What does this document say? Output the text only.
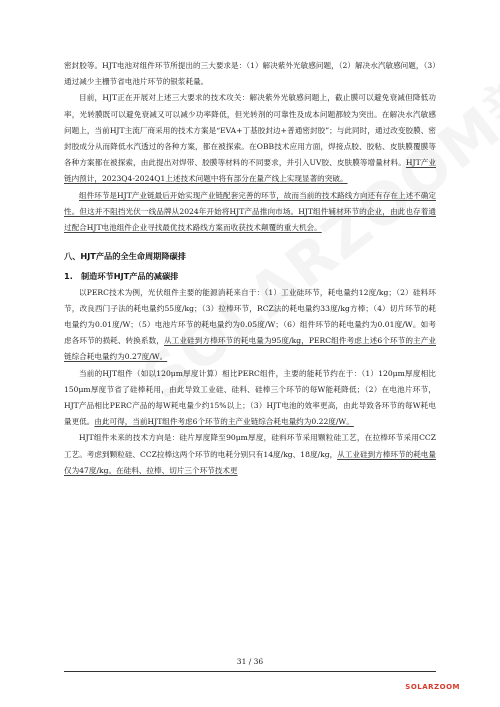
密封胶等。HJT电池对组件环节所提出的三大要求是：（1）解决紫外光敏感问题，（2）解决水汽敏感问题，（3）通过减少主栅节省电池片环节的银浆耗量。

目前，HJT正在开展对上述三大要求的技术攻关：解决紫外光敏感问题上，截止膜可以避免衰减但降低功率，光转膜既可以避免衰减又可以减少功率降低，但光转剂的可靠性及成本问题都较为突出。在解决水汽敏感问题上，当前HJT主流厂商采用的技术方案是“EVA+丁基胶封边+普通密封胶”；与此同时，通过改变胶膜、密封胶成分从而降低水汽透过的各种方案，都在被探索。在OBB技术应用方面，焊接点胶、胶粘、皮肤膜覆膜等各种方案都在被探索，由此提出对焊带、胶膜等材料的不同要求，并引入UV胶、皮肤膜等增量材料。HJT产业链内预计，2023Q4-2024Q1上述技术问题中将有部分在量产线上实现显著的突破。

组件环节是HJT产业链最后开始实现产业链配套完善的环节，故而当前的技术路线方向还有存在上述不确定性。但这并不阻挡光伏一线品牌从2024年开始将HJT产品推向市场。HJT组件辅材环节的企业，由此也存着通过配合HJT电池组件企业寻找最优技术路线方案而收获技术颠覆的重大机会。

八、HJT产品的全生命周期降碳排

1.　制造环节HJT产品的减碳排

以PERC技术为例，光伏组件主要的能源消耗来自于：（1）工业硅环节，耗电量约12度/kg；（2）硅料环节，改良西门子法的耗电量约55度/kg；（3）拉棒环节，RCZ法的耗电量约33度/kg方棒；（4）切片环节的耗电量约为0.01度/W；（5）电池片环节的耗电量约为0.05度/W；（6）组件环节的耗电量约为0.01度/W。如考虑各环节的损耗、转换系数，从工业硅到方棒环节的耗电量为95度/kg，PERC组件考虑上述6个环节的主产业链综合耗电量约为0.27度/W。

当前的HJT组件（如以120μm厚度计算）相比PERC组件，主要的能耗节约在于：（1）120μm厚度相比150μm厚度节省了硅棒耗用，由此导致工业硅、硅料、硅棒三个环节的每W能耗降低；（2）在电池片环节，HJT产品相比PERC产品的每W耗电量少约15%以上；（3）HJT电池的效率更高，由此导致各环节的每W耗电量更低。由此可得，当前HJT组件考虑6个环节的主产业链综合耗电量约为0.22度/W。

HJT组件未来的技术方向是：硅片厚度降至90μm厚度，硅料环节采用颗粒硅工艺，在拉棒环节采用CCZ工艺。考虑到颗粒硅、CCZ拉棒这两个环节的电耗分别只有14度/kg、18度/kg，从工业硅到方棒环节的耗电量仅为47度/kg。在硅料、拉棒、切片三个环节技术更

31 / 36
SOLARZOOM
